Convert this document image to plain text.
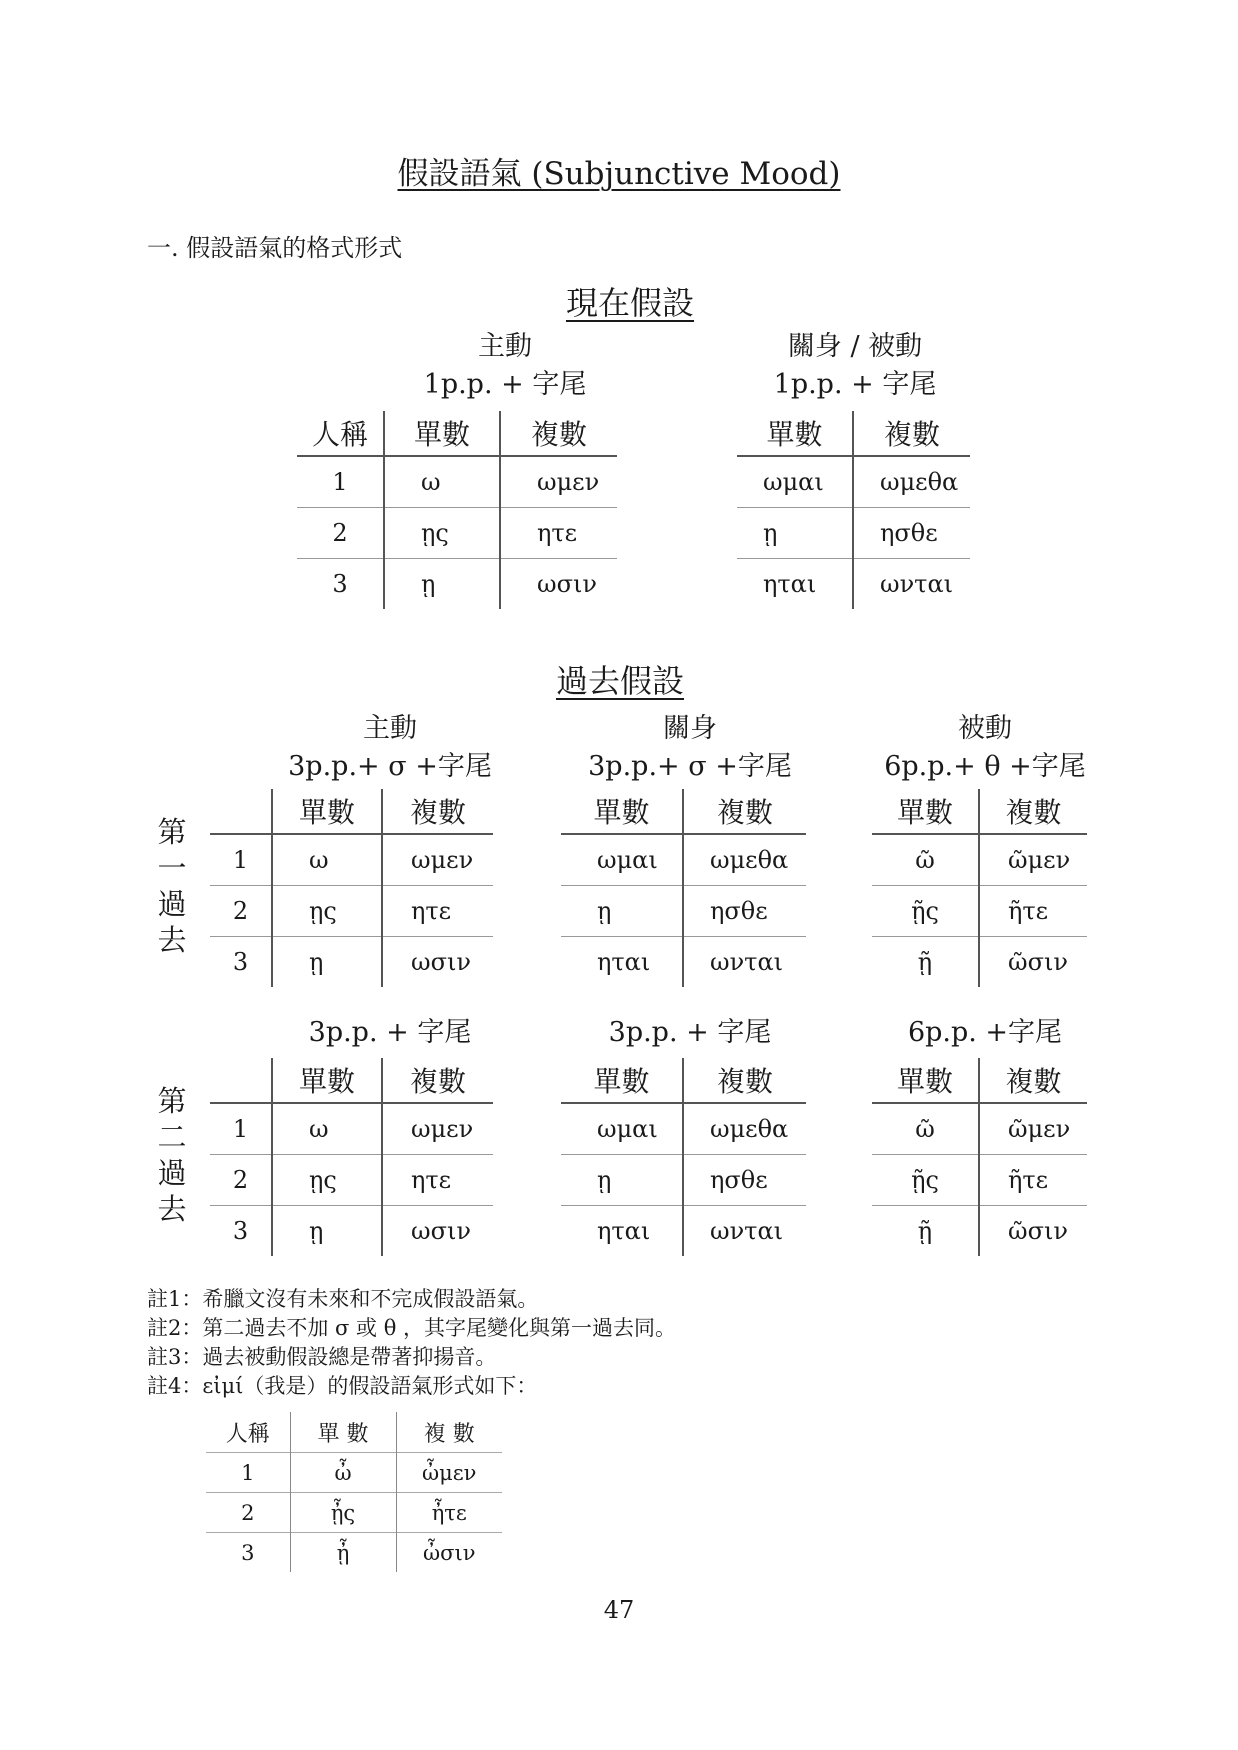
假設語氣 (Subjunctive Mood)
一. 假設語氣的格式形式
現在假設
主動
1p.p. + 字尾
關身 / 被動
1p.p. + 字尾
人稱	單數	複數
1	ω	ωμεν
2	ῃς	ητε
3	ῃ	ωσιν
單數	複數
ωμαι	ωμεθα
ῃ	ησθε
ηται	ωνται
過去假設
主動
3p.p.+ σ +字尾
關身
3p.p.+ σ +字尾
被動
6p.p.+ θ +字尾
第
一
過
去
	單數	複數
1	ω	ωμεν
2	ῃς	ητε
3	ῃ	ωσιν
單數	複數
ωμαι	ωμεθα
ῃ	ησθε
ηται	ωνται
單數	複數
ῶ	ῶμεν
ῇς	ῆτε
ῇ	ῶσιν
3p.p. + 字尾	3p.p. + 字尾	6p.p. +字尾
第
二
過
去
	單數	複數
1	ω	ωμεν
2	ῃς	ητε
3	ῃ	ωσιν
單數	複數
ωμαι	ωμεθα
ῃ	ησθε
ηται	ωνται
單數	複數
ῶ	ῶμεν
ῇς	ῆτε
ῇ	ῶσιν
註1：希臘文沒有未來和不完成假設語氣。
註2：第二過去不加 σ 或 θ ，其字尾變化與第一過去同。
註3：過去被動假設總是帶著抑揚音。
註4：εἰμί（我是）的假設語氣形式如下：
人稱	單 數	複 數
1	ὦ	ὦμεν
2	ᾖς	ἦτε
3	ᾖ	ὦσιν
47
